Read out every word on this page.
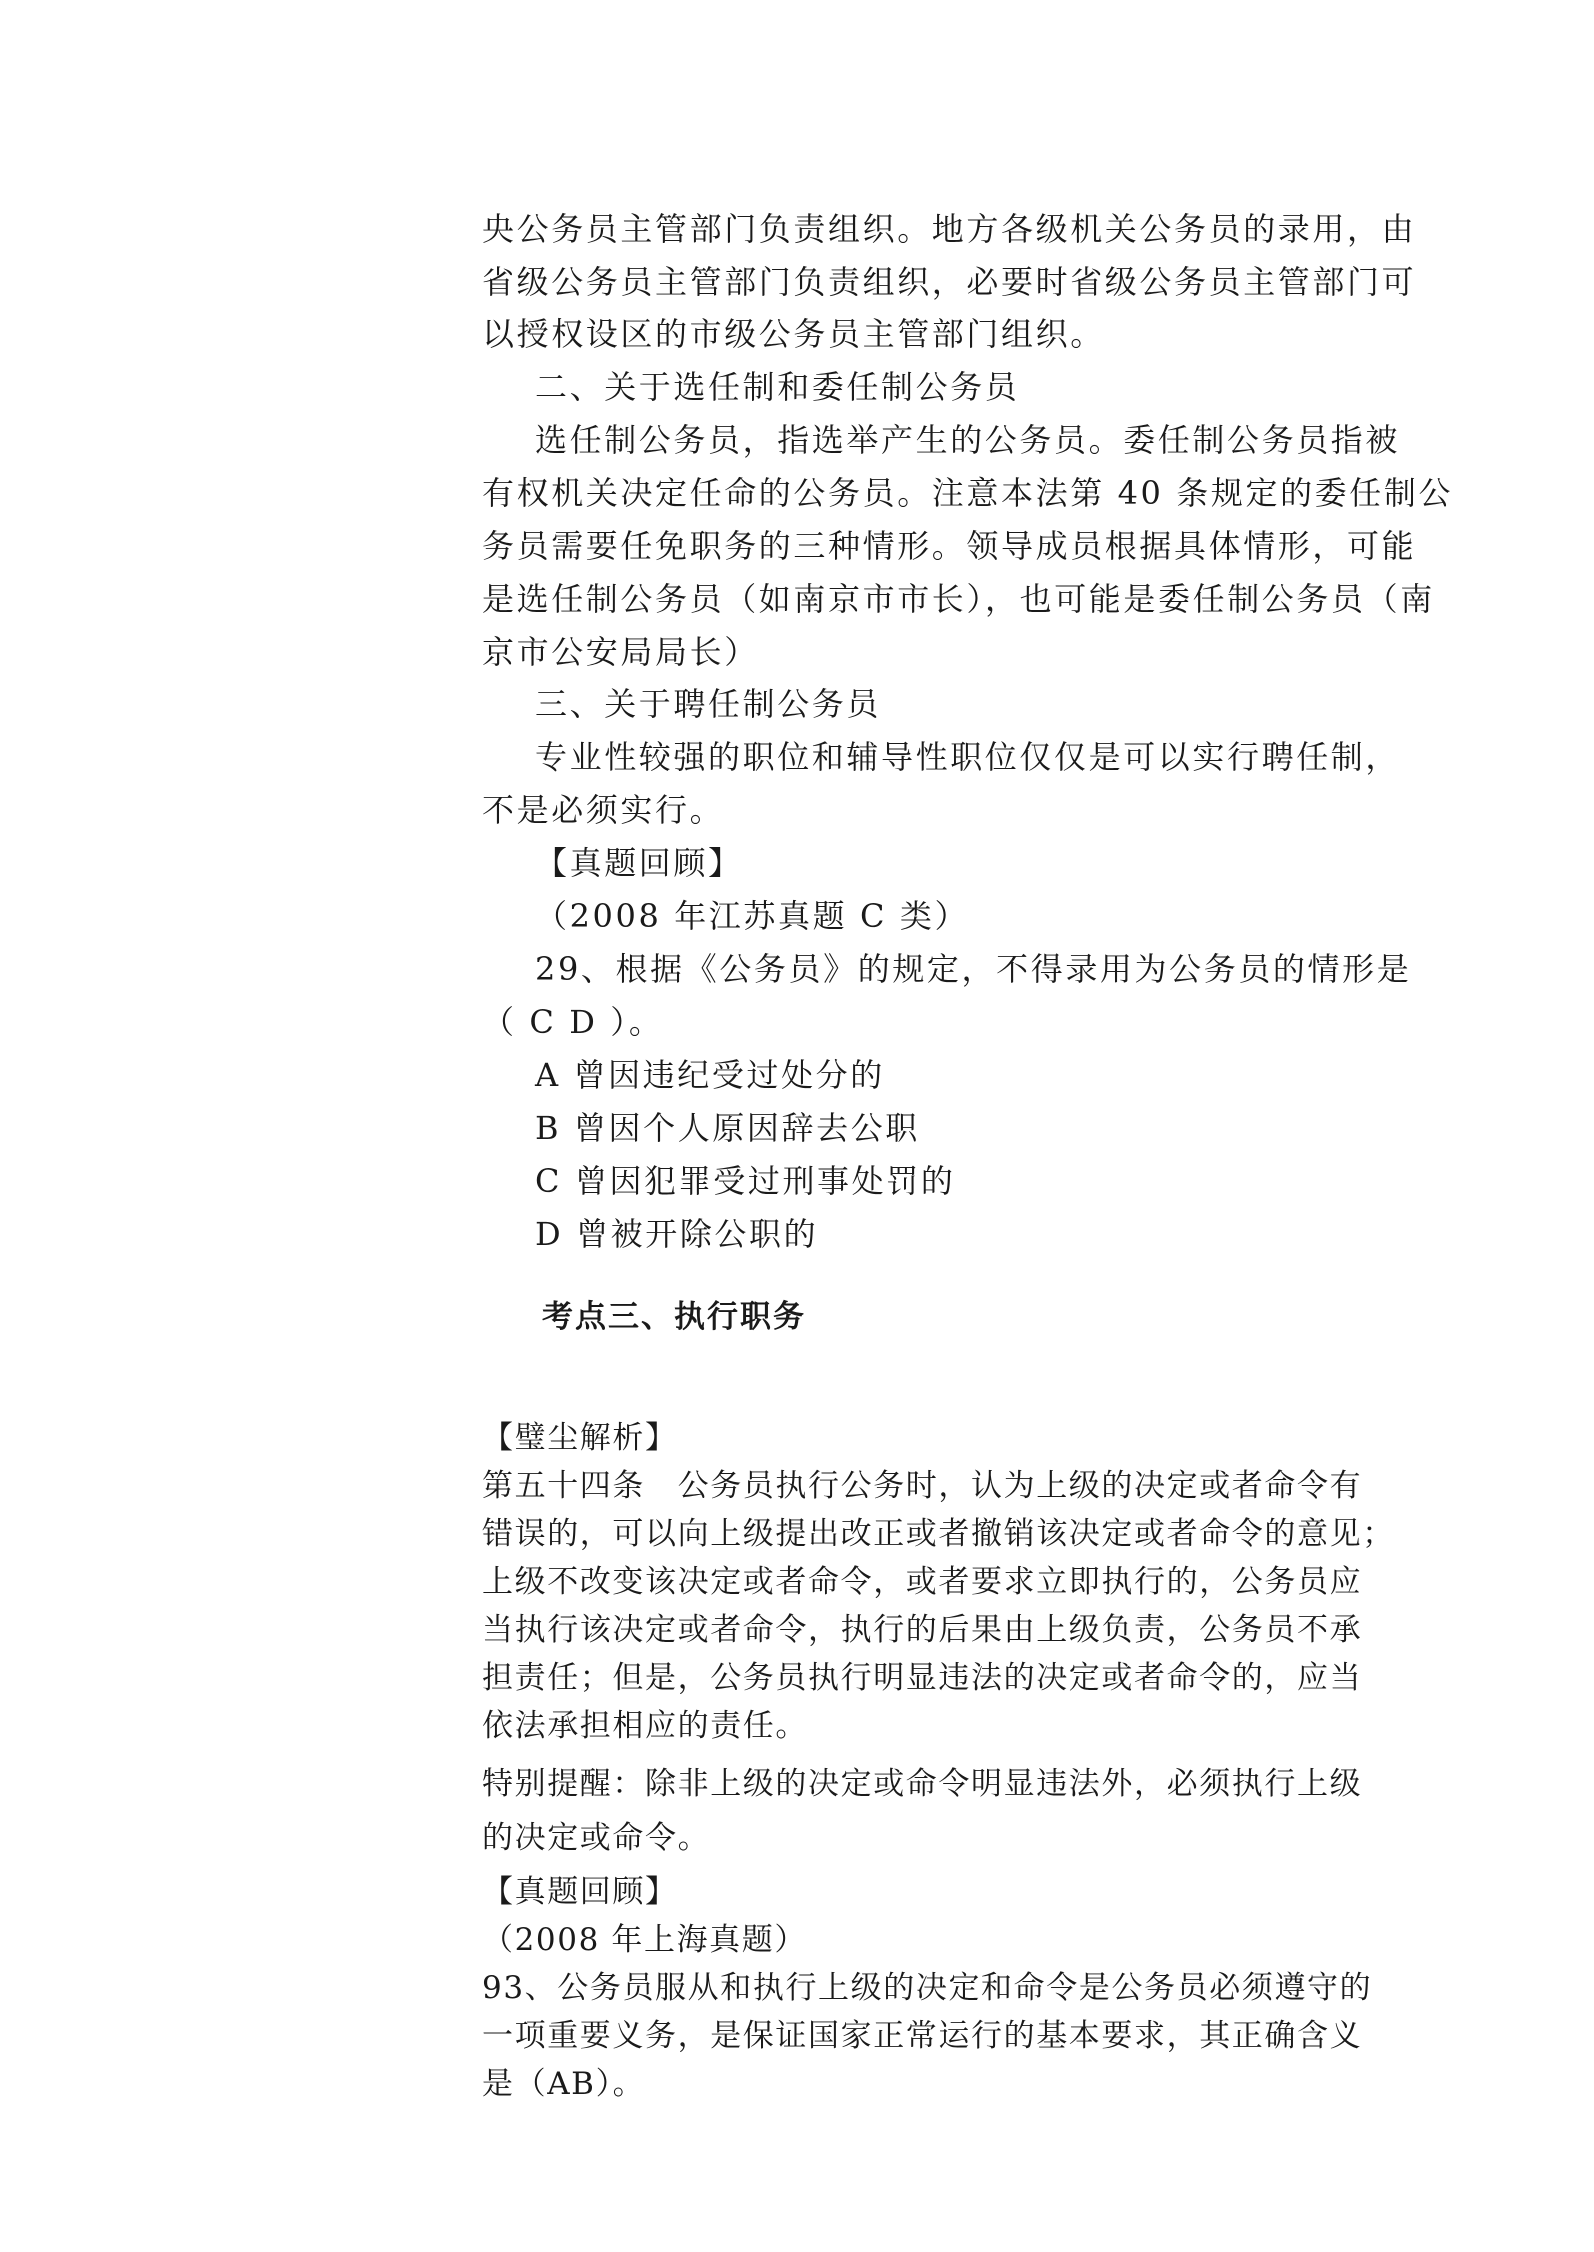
央公务员主管部门负责组织。地方各级机关公务员的录用，由
省级公务员主管部门负责组织，必要时省级公务员主管部门可
以授权设区的市级公务员主管部门组织。
二、关于选任制和委任制公务员
选任制公务员，指选举产生的公务员。委任制公务员指被
有权机关决定任命的公务员。注意本法第 40 条规定的委任制公
务员需要任免职务的三种情形。领导成员根据具体情形，可能
是选任制公务员（如南京市市长），也可能是委任制公务员（南
京市公安局局长）
三、关于聘任制公务员
专业性较强的职位和辅导性职位仅仅是可以实行聘任制，
不是必须实行。
【真题回顾】
（2008 年江苏真题 C 类）
29、根据《公务员》的规定，不得录用为公务员的情形是
（ C D ）。
A 曾因违纪受过处分的
B 曾因个人原因辞去公职
C 曾因犯罪受过刑事处罚的
D 曾被开除公职的
考点三、执行职务
【璧尘解析】
第五十四条　公务员执行公务时，认为上级的决定或者命令有
错误的，可以向上级提出改正或者撤销该决定或者命令的意见；
上级不改变该决定或者命令，或者要求立即执行的，公务员应
当执行该决定或者命令，执行的后果由上级负责，公务员不承
担责任；但是，公务员执行明显违法的决定或者命令的，应当
依法承担相应的责任。
特别提醒：除非上级的决定或命令明显违法外，必须执行上级
的决定或命令。
【真题回顾】
（2008 年上海真题）
93、公务员服从和执行上级的决定和命令是公务员必须遵守的
一项重要义务，是保证国家正常运行的基本要求，其正确含义
是（AB）。
